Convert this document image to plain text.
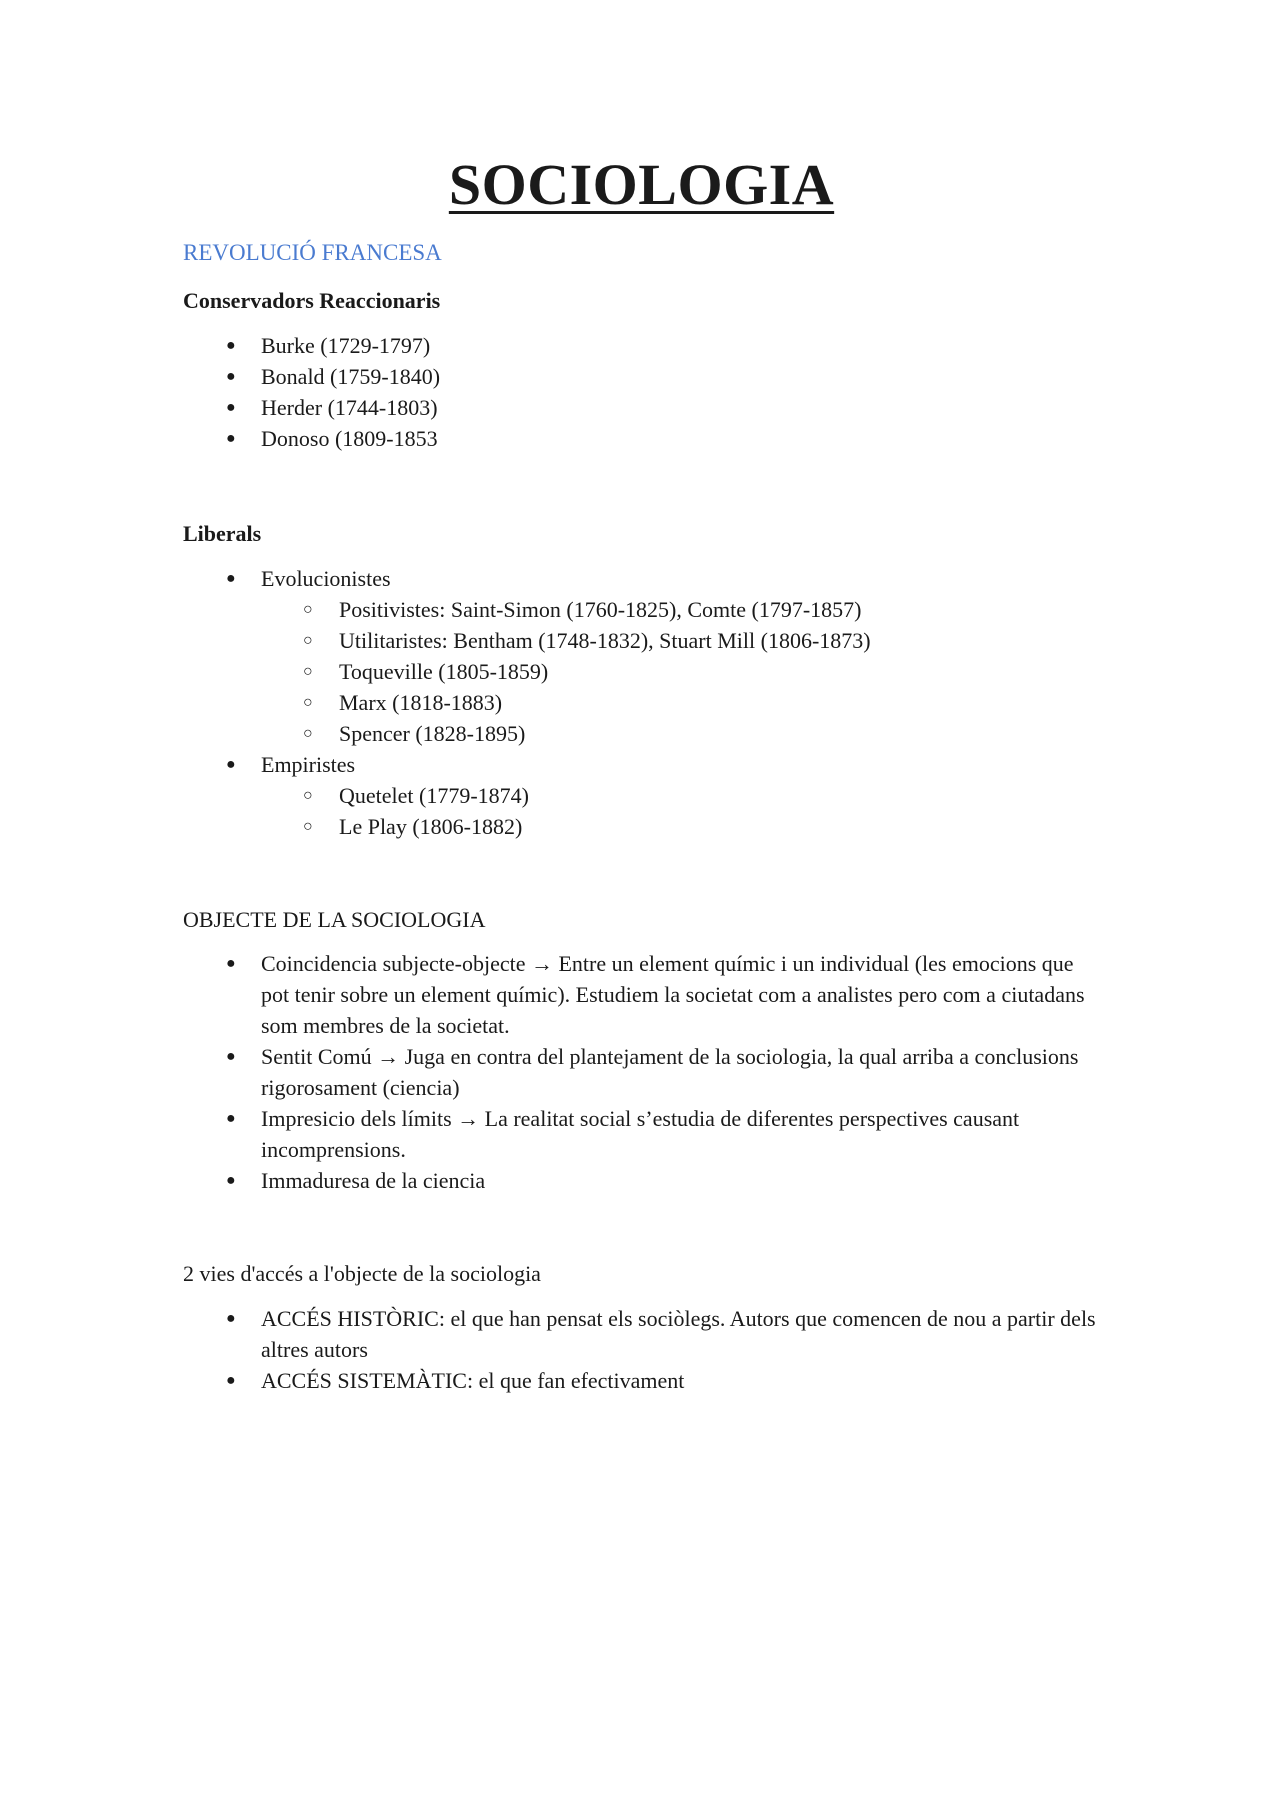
SOCIOLOGIA
REVOLUCIÓ FRANCESA
Conservadors Reaccionaris
● Burke (1729-1797)
● Bonald (1759-1840)
● Herder (1744-1803)
● Donoso (1809-1853
Liberals
● Evolucionistes
○ Positivistes: Saint-Simon (1760-1825), Comte (1797-1857)
○ Utilitaristes: Bentham (1748-1832), Stuart Mill (1806-1873)
○ Toqueville (1805-1859)
○ Marx (1818-1883)
○ Spencer (1828-1895)
● Empiristes
○ Quetelet (1779-1874)
○ Le Play (1806-1882)
OBJECTE DE LA SOCIOLOGIA
● Coincidencia subjecte-objecte → Entre un element químic i un individual (les emocions que pot tenir sobre un element químic). Estudiem la societat com a analistes pero com a ciutadans som membres de la societat.
● Sentit Comú → Juga en contra del plantejament de la sociologia, la qual arriba a conclusions rigorosament (ciencia)
● Impresicio dels límits → La realitat social s’estudia de diferentes perspectives causant incomprensions.
● Immaduresa de la ciencia
2 vies d'accés a l'objecte de la sociologia
● ACCÉS HISTÒRIC: el que han pensat els sociòlegs. Autors que comencen de nou a partir dels altres autors
● ACCÉS SISTEMÀTIC: el que fan efectivament
